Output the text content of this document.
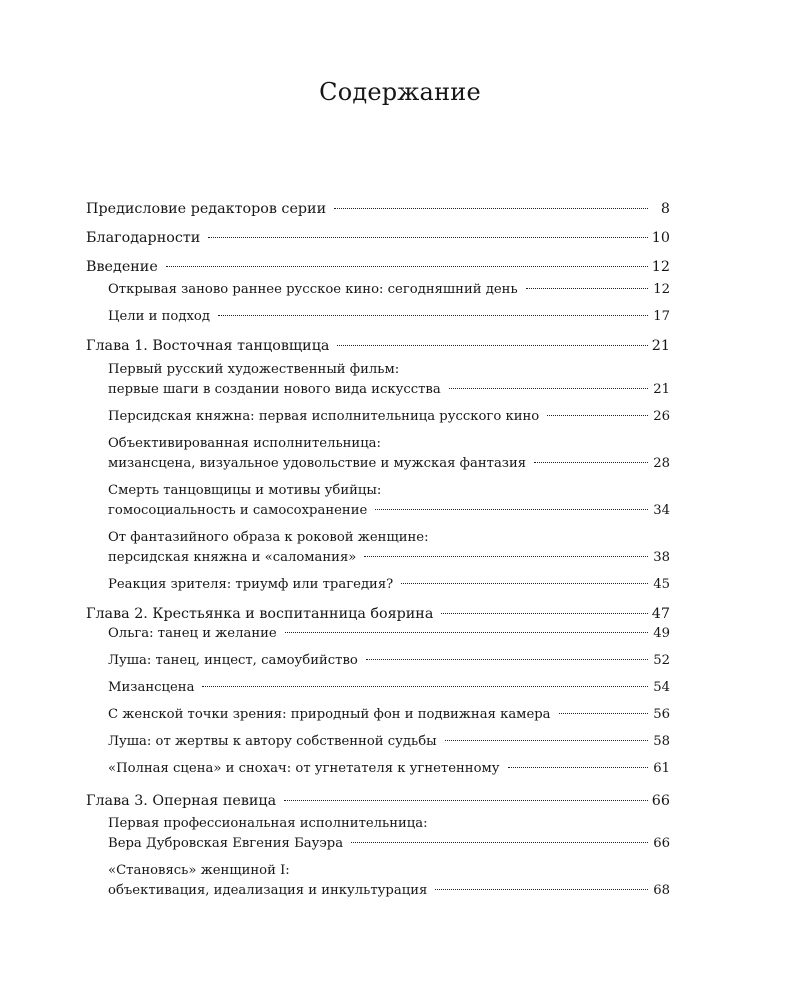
Содержание
Предисловие редакторов серии	8
Благодарности	10
Введение	12
Открывая заново раннее русское кино: сегодняшний день	12
Цели и подход	17
Глава 1. Восточная танцовщица	21
Первый русский художественный фильм:
первые шаги в создании нового вида искусства	21
Персидская княжна: первая исполнительница русского кино	26
Объективированная исполнительница:
мизансцена, визуальное удовольствие и мужская фантазия	28
Смерть танцовщицы и мотивы убийцы:
гомосоциальность и самосохранение	34
От фантазийного образа к роковой женщине:
персидская княжна и «саломания»	38
Реакция зрителя: триумф или трагедия?	45
Глава 2. Крестьянка и воспитанница боярина	47
Ольга: танец и желание	49
Луша: танец, инцест, самоубийство	52
Мизансцена	54
С женской точки зрения: природный фон и подвижная камера	56
Луша: от жертвы к автору собственной судьбы	58
«Полная сцена» и снохач: от угнетателя к угнетенному	61
Глава 3. Оперная певица	66
Первая профессиональная исполнительница:
Вера Дубровская Евгения Бауэра	66
«Становясь» женщиной I:
объективация, идеализация и инкультурация	68
